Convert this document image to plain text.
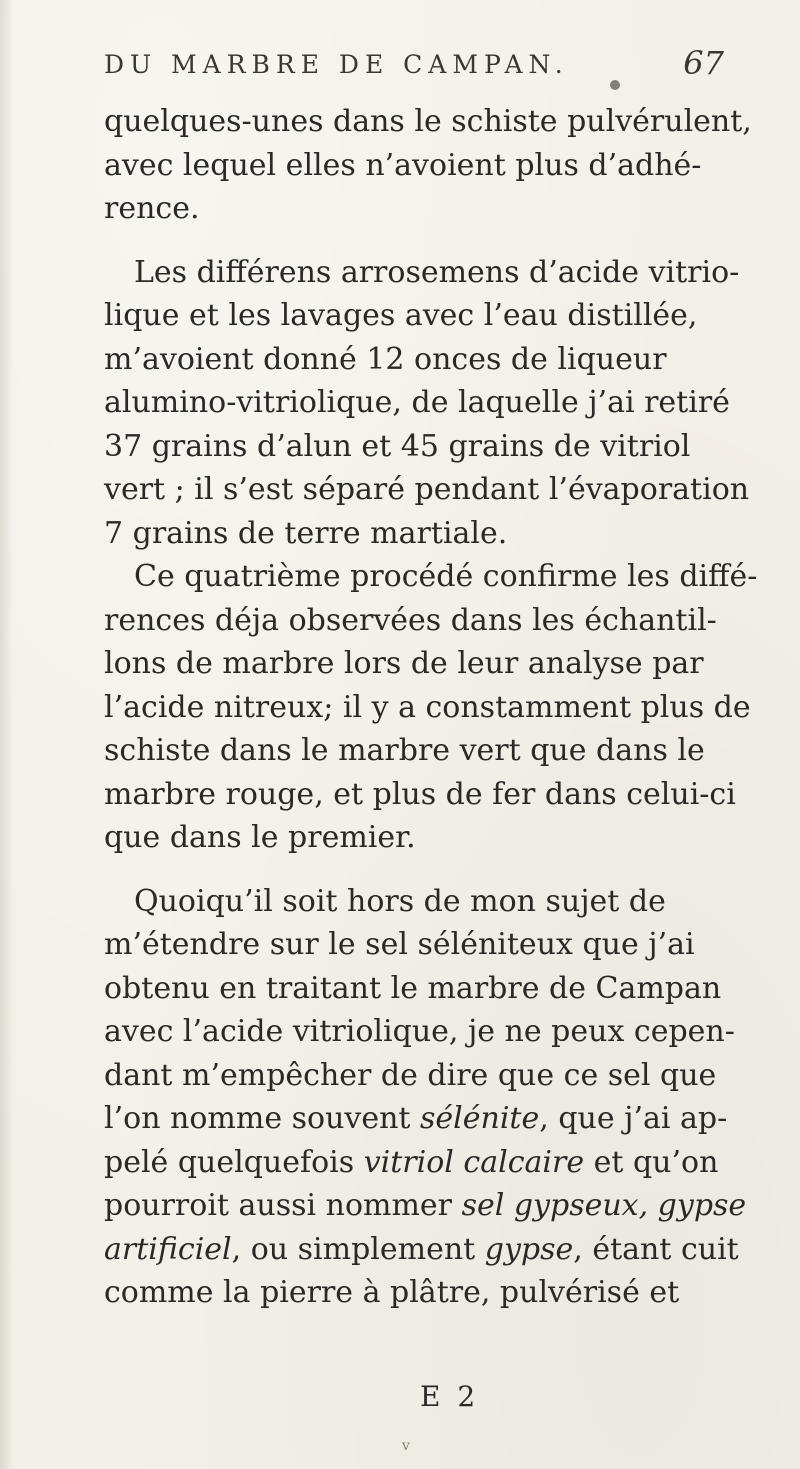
DU MARBRE DE CAMPAN.	67
quelques-unes dans le schiste pulvérulent,
avec lequel elles n’avoient plus d’adhé-
rence.
Les différens arrosemens d’acide vitrio-
lique et les lavages avec l’eau distillée,
m’avoient donné 12 onces de liqueur
alumino-vitriolique, de laquelle j’ai retiré
37 grains d’alun et 45 grains de vitriol
vert ; il s’est séparé pendant l’évaporation
7 grains de terre martiale.
Ce quatrième procédé confirme les diffé-
rences déja observées dans les échantil-
lons de marbre lors de leur analyse par
l’acide nitreux; il y a constamment plus de
schiste dans le marbre vert que dans le
marbre rouge, et plus de fer dans celui-ci
que dans le premier.
Quoiqu’il soit hors de mon sujet de
m’étendre sur le sel séléniteux que j’ai
obtenu en traitant le marbre de Campan
avec l’acide vitriolique, je ne peux cepen-
dant m’empêcher de dire que ce sel que
l’on nomme souvent sélénite, que j’ai ap-
pelé quelquefois vitriol calcaire et qu’on
pourroit aussi nommer sel gypseux, gypse
artificiel, ou simplement gypse, étant cuit
comme la pierre à plâtre, pulvérisé et
E 2
v
